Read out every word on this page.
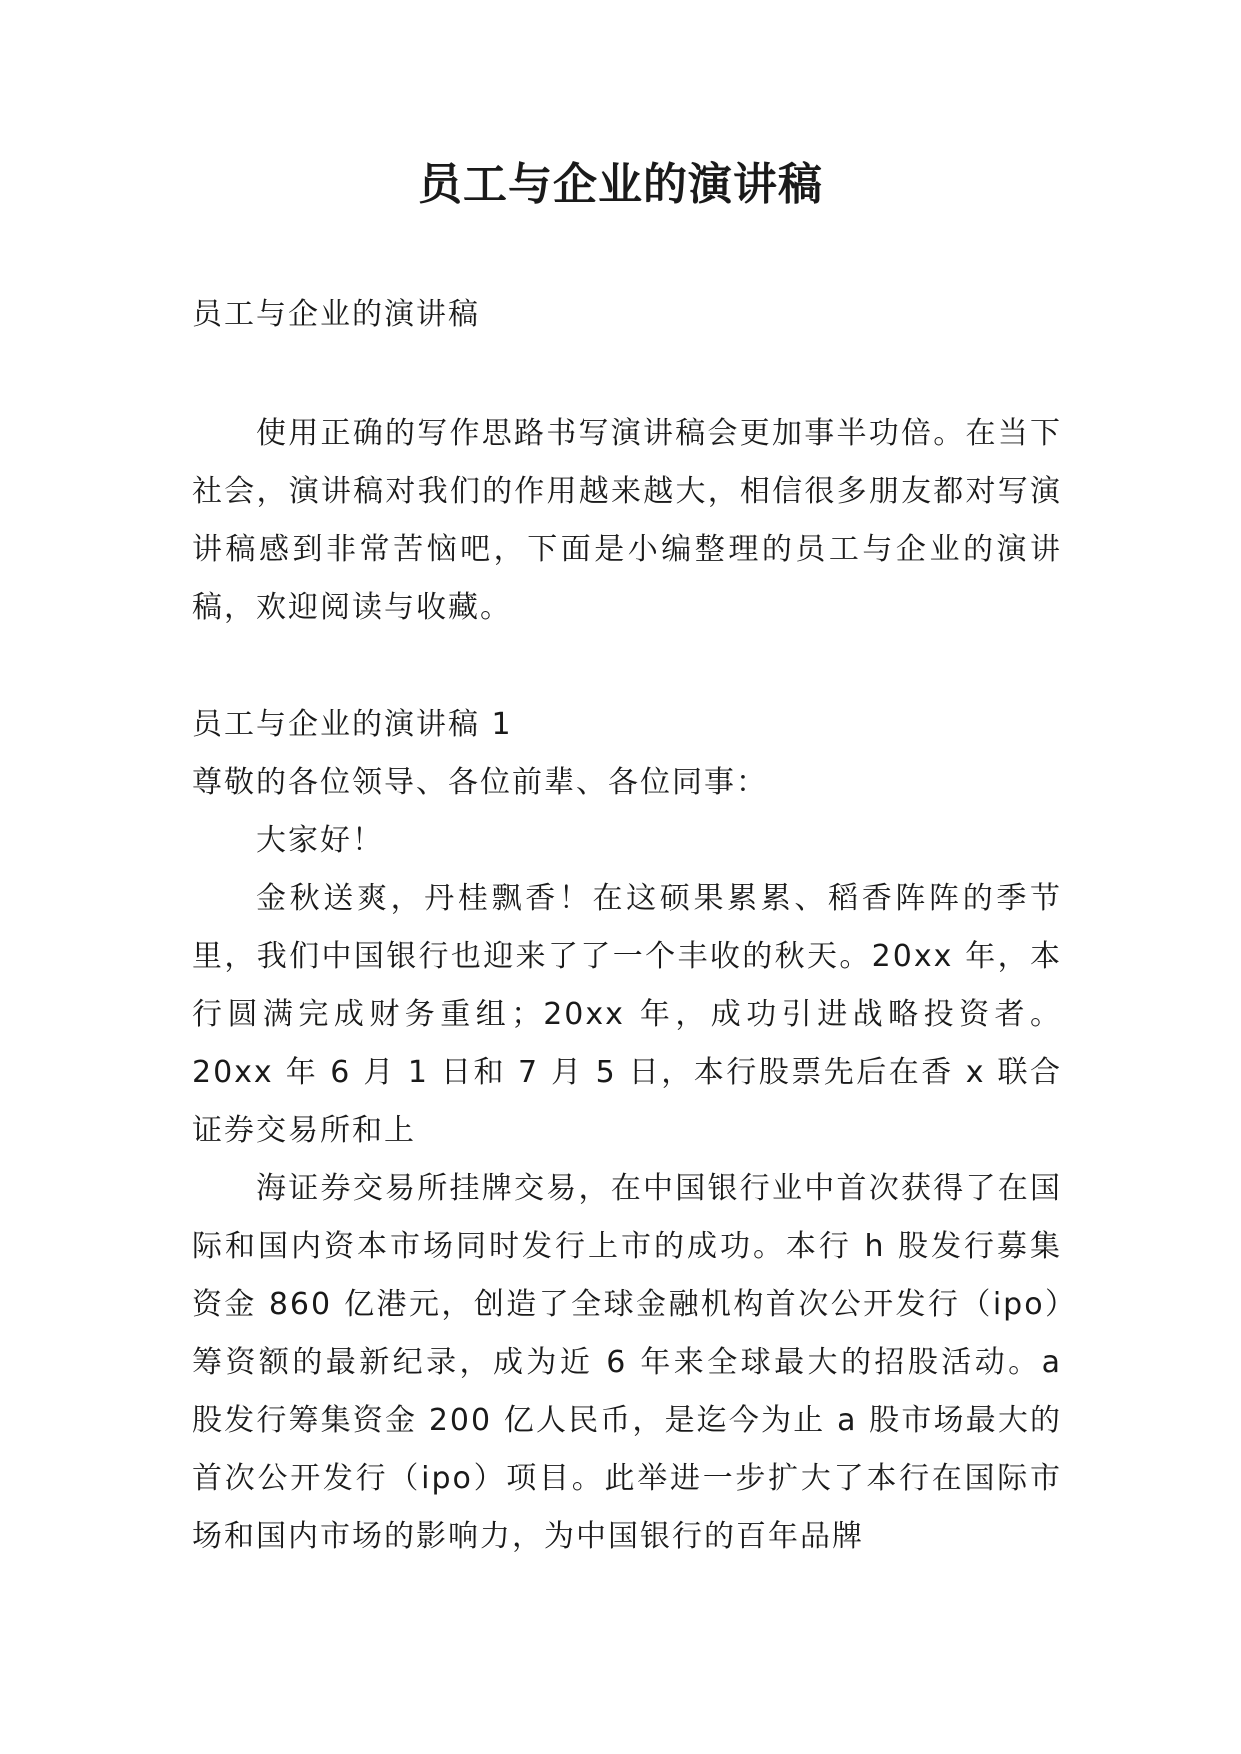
员工与企业的演讲稿

员工与企业的演讲稿

使用正确的写作思路书写演讲稿会更加事半功倍。在当下社会，演讲稿对我们的作用越来越大，相信很多朋友都对写演讲稿感到非常苦恼吧，下面是小编整理的员工与企业的演讲稿，欢迎阅读与收藏。

员工与企业的演讲稿 1

尊敬的各位领导、各位前辈、各位同事：

大家好！

金秋送爽，丹桂飘香！在这硕果累累、稻香阵阵的季节里，我们中国银行也迎来了了一个丰收的秋天。20xx 年，本行圆满完成财务重组；20xx 年，成功引进战略投资者。20xx 年 6 月 1 日和 7 月 5 日，本行股票先后在香 x 联合证券交易所和上

海证券交易所挂牌交易，在中国银行业中首次获得了在国际和国内资本市场同时发行上市的成功。本行 h 股发行募集资金 860 亿港元，创造了全球金融机构首次公开发行（ipo）筹资额的最新纪录，成为近 6 年来全球最大的招股活动。a 股发行筹集资金 200 亿人民币，是迄今为止 a 股市场最大的首次公开发行（ipo）项目。此举进一步扩大了本行在国际市场和国内市场的影响力，为中国银行的百年品牌
